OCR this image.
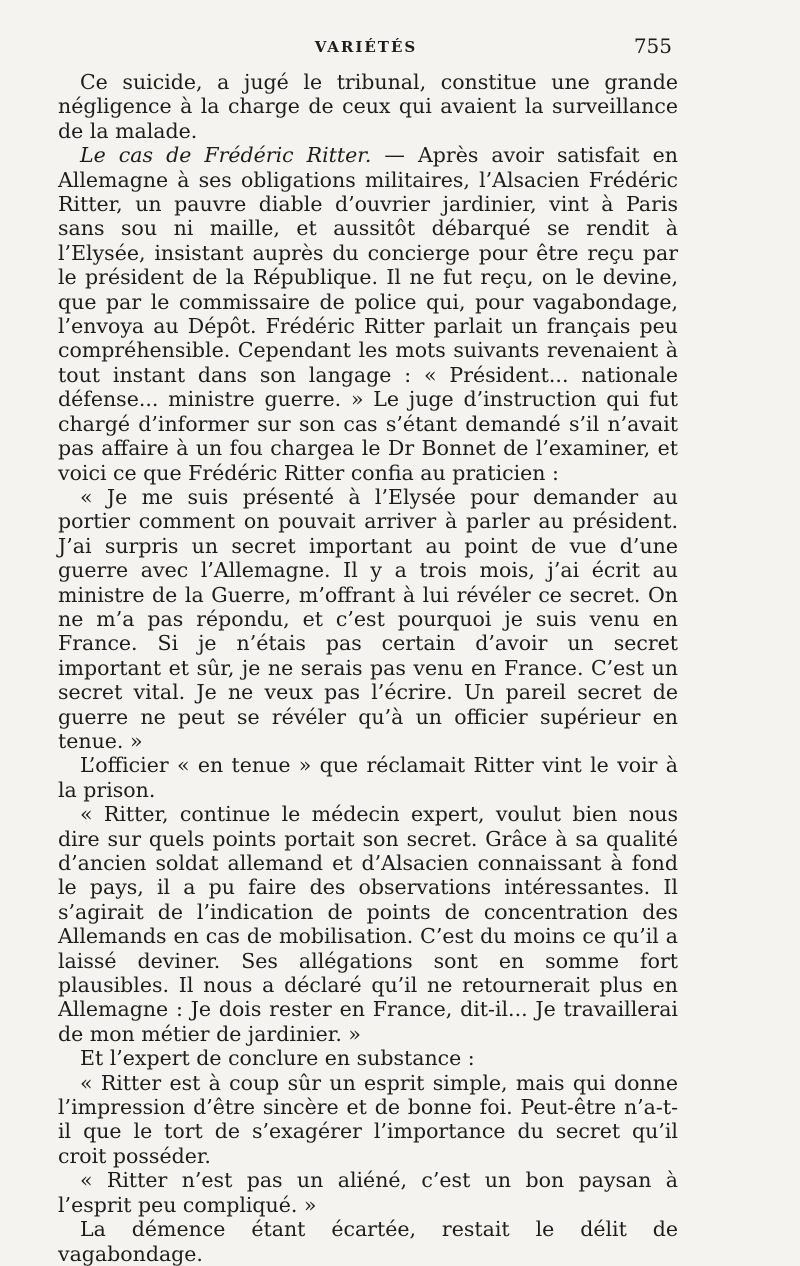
VARIÉTÉS	755

Ce suicide, a jugé le tribunal, constitue une grande négligence à la charge de ceux qui avaient la surveillance de la malade.

Le cas de Frédéric Ritter. — Après avoir satisfait en Allemagne à ses obligations militaires, l’Alsacien Frédéric Ritter, un pauvre diable d’ouvrier jardinier, vint à Paris sans sou ni maille, et aussitôt débarqué se rendit à l’Elysée, insistant auprès du concierge pour être reçu par le président de la République. Il ne fut reçu, on le devine, que par le commissaire de police qui, pour vagabondage, l’envoya au Dépôt. Frédéric Ritter parlait un français peu compréhensible. Cependant les mots suivants revenaient à tout instant dans son langage : « Président... nationale défense... ministre guerre. » Le juge d’instruction qui fut chargé d’informer sur son cas s’étant demandé s’il n’avait pas affaire à un fou chargea le Dr Bonnet de l’examiner, et voici ce que Frédéric Ritter confia au praticien :

« Je me suis présenté à l’Elysée pour demander au portier comment on pouvait arriver à parler au président. J’ai surpris un secret important au point de vue d’une guerre avec l’Allemagne. Il y a trois mois, j’ai écrit au ministre de la Guerre, m’offrant à lui révéler ce secret. On ne m’a pas répondu, et c’est pourquoi je suis venu en France. Si je n’étais pas certain d’avoir un secret important et sûr, je ne serais pas venu en France. C’est un secret vital. Je ne veux pas l’écrire. Un pareil secret de guerre ne peut se révéler qu’à un officier supérieur en tenue. »

L’officier « en tenue » que réclamait Ritter vint le voir à la prison.

« Ritter, continue le médecin expert, voulut bien nous dire sur quels points portait son secret. Grâce à sa qualité d’ancien soldat allemand et d’Alsacien connaissant à fond le pays, il a pu faire des observations intéressantes. Il s’agirait de l’indication de points de concentration des Allemands en cas de mobilisation. C’est du moins ce qu’il a laissé deviner. Ses allégations sont en somme fort plausibles. Il nous a déclaré qu’il ne retournerait plus en Allemagne : Je dois rester en France, dit-il... Je travaillerai de mon métier de jardinier. »

Et l’expert de conclure en substance :

« Ritter est à coup sûr un esprit simple, mais qui donne l’impression d’être sincère et de bonne foi. Peut-être n’a-t-il que le tort de s’exagérer l’importance du secret qu’il croit posséder.

« Ritter n’est pas un aliéné, c’est un bon paysan à l’esprit peu compliqué. »

La démence étant écartée, restait le délit de vagabondage.
